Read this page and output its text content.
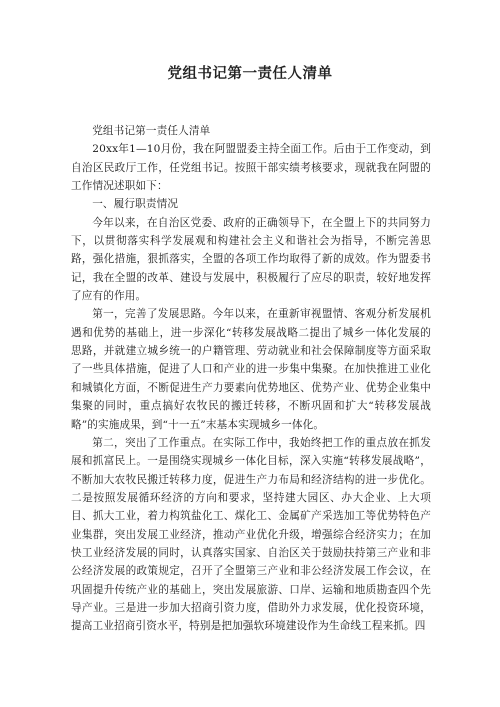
党组书记第一责任人清单

党组书记第一责任人清单

20xx年1—10月份，我在阿盟盟委主持全面工作。后由于工作变动，到自治区民政厅工作，任党组书记。按照干部实绩考核要求，现就我在阿盟的工作情况述职如下：

一、履行职责情况

今年以来，在自治区党委、政府的正确领导下，在全盟上下的共同努力下，以贯彻落实科学发展观和构建社会主义和谐社会为指导，不断完善思路，强化措施，狠抓落实，全盟的各项工作均取得了新的成效。作为盟委书记，我在全盟的改革、建设与发展中，积极履行了应尽的职责，较好地发挥了应有的作用。

第一，完善了发展思路。今年以来，在重新审视盟情、客观分析发展机遇和优势的基础上，进一步深化“转移发展战略二提出了城乡一体化发展的思路，并就建立城乡统一的户籍管理、劳动就业和社会保障制度等方面采取了一些具体措施，促进了人口和产业的进一步集中集聚。在加快推进工业化和城镇化方面，不断促进生产力要素向优势地区、优势产业、优势企业集中集聚的同时，重点搞好农牧民的搬迁转移，不断巩固和扩大“转移发展战略”的实施成果，到“十一五”末基本实现城乡一体化。

第二，突出了工作重点。在实际工作中，我始终把工作的重点放在抓发展和抓富民上。一是围绕实现城乡一体化目标，深入实施“转移发展战略”，不断加大农牧民搬迁转移力度，促进生产力布局和经济结构的进一步优化。二是按照发展循环经济的方向和要求，坚持建大园区、办大企业、上大项目、抓大工业，着力构筑盐化工、煤化工、金属矿产采选加工等优势特色产业集群，突出发展工业经济，推动产业优化升级，增强综合经济实力；在加快工业经济发展的同时，认真落实国家、自治区关于鼓励扶持第三产业和非公经济发展的政策规定，召开了全盟第三产业和非公经济发展工作会议，在巩固提升传统产业的基础上，突出发展旅游、口岸、运输和地质勘查四个先导产业。三是进一步加大招商引资力度，借助外力求发展，优化投资环境，提高工业招商引资水平，特别是把加强软环境建设作为生命线工程来抓。四
